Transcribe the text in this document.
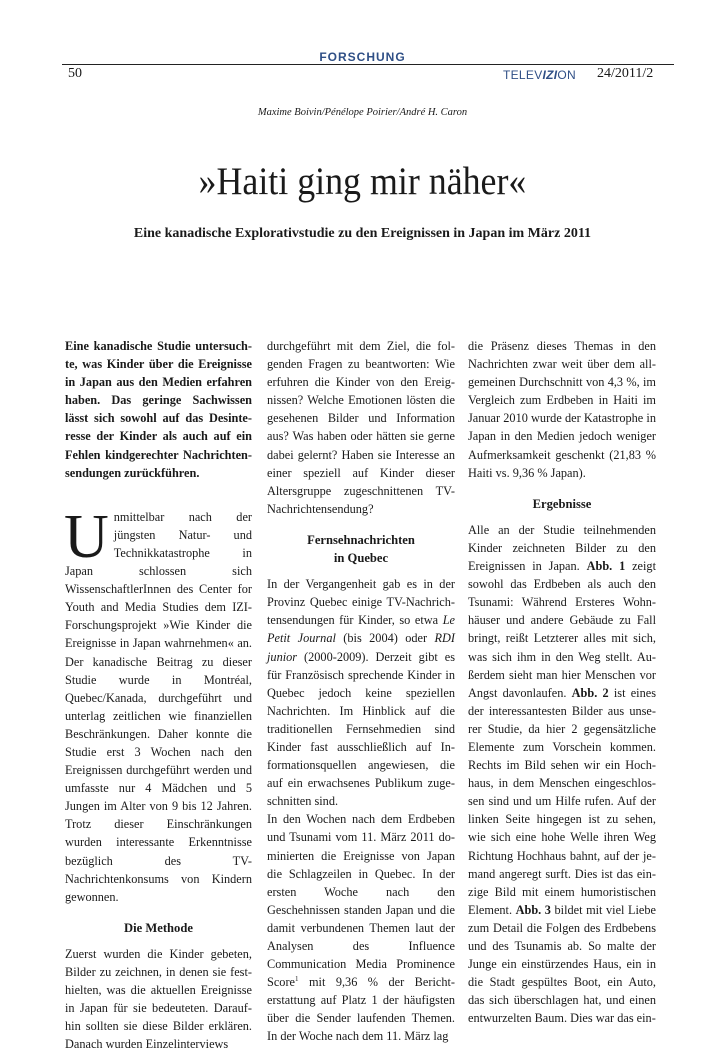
FORSCHUNG
50	TELEVIZION 24/2011/2
Maxime Boivin/Pénélope Poirier/André H. Caron
»Haiti ging mir näher«
Eine kanadische Explorativstudie zu den Ereignissen in Japan im März 2011

Eine kanadische Studie untersuchte, was Kinder über die Ereignisse in Japan aus den Medien erfahren haben. Das geringe Sachwissen lässt sich sowohl auf das Desinteresse der Kinder als auch auf ein Fehlen kindgerechter Nachrichtensendungen zurückführen.

Unmittelbar nach der jüngsten Natur- und Technikkatastrophe in Japan schlossen sich WissenschaftlerInnen des Center for Youth and Media Studies dem IZI-Forschungsprojekt »Wie Kinder die Ereignisse in Japan wahrnehmen« an. Der kanadische Beitrag zu dieser Studie wurde in Montréal, Quebec/Kanada, durchgeführt und unterlag zeitlichen wie finanziellen Beschränkungen. Daher konnte die Studie erst 3 Wochen nach den Ereignissen durchgeführt werden und umfasste nur 4 Mädchen und 5 Jungen im Alter von 9 bis 12 Jahren. Trotz dieser Einschränkungen wurden interessante Erkenntnisse bezüglich des TV-Nachrichtenkonsums von Kindern gewonnen.

Die Methode

Zuerst wurden die Kinder gebeten, Bilder zu zeichnen, in denen sie festhielten, was die aktuellen Ereignisse in Japan für sie bedeuteten. Daraufhin sollten sie diese Bilder erklären. Danach wurden Einzelinterviews

durchgeführt mit dem Ziel, die folgenden Fragen zu beantworten: Wie erfuhren die Kinder von den Ereignissen? Welche Emotionen lösten die gesehenen Bilder und Information aus? Was haben oder hätten sie gerne dabei gelernt? Haben sie Interesse an einer speziell auf Kinder dieser Altersgruppe zugeschnittenen TV-Nachrichtensendung?

Fernsehnachrichten
in Quebec

In der Vergangenheit gab es in der Provinz Quebec einige TV-Nachrichtensendungen für Kinder, so etwa Le Petit Journal (bis 2004) oder RDI junior (2000-2009). Derzeit gibt es für Französisch sprechende Kinder in Quebec jedoch keine speziellen Nachrichten. Im Hinblick auf die traditionellen Fernsehmedien sind Kinder fast ausschließlich auf Informationsquellen angewiesen, die auf ein erwachsenes Publikum zugeschnitten sind.

In den Wochen nach dem Erdbeben und Tsunami vom 11. März 2011 dominierten die Ereignisse von Japan die Schlagzeilen in Quebec. In der ersten Woche nach den Geschehnissen standen Japan und die damit verbundenen Themen laut der Analysen des Influence Communication Media Prominence Score$^1$ mit 9,36 % der Berichterstattung auf Platz 1 der häufigsten über die Sender laufenden Themen. In der Woche nach dem 11. März lag

die Präsenz dieses Themas in den Nachrichten zwar weit über dem allgemeinen Durchschnitt von 4,3 %, im Vergleich zum Erdbeben in Haiti im Januar 2010 wurde der Katastrophe in Japan in den Medien jedoch weniger Aufmerksamkeit geschenkt (21,83 % Haiti vs. 9,36 % Japan).

Ergebnisse

Alle an der Studie teilnehmenden Kinder zeichneten Bilder zu den Ereignissen in Japan. Abb. 1 zeigt sowohl das Erdbeben als auch den Tsunami: Während Ersteres Wohnhäuser und andere Gebäude zu Fall bringt, reißt Letzterer alles mit sich, was sich ihm in den Weg stellt. Außerdem sieht man hier Menschen vor Angst davonlaufen. Abb. 2 ist eines der interessantesten Bilder aus unserer Studie, da hier 2 gegensätzliche Elemente zum Vorschein kommen. Rechts im Bild sehen wir ein Hochhaus, in dem Menschen eingeschlossen sind und um Hilfe rufen. Auf der linken Seite hingegen ist zu sehen, wie sich eine hohe Welle ihren Weg Richtung Hochhaus bahnt, auf der jemand angeregt surft. Dies ist das einzige Bild mit einem humoristischen Element. Abb. 3 bildet mit viel Liebe zum Detail die Folgen des Erdbebens und des Tsunamis ab. So malte der Junge ein einstürzendes Haus, ein in die Stadt gespültes Boot, ein Auto, das sich überschlagen hat, und einen entwurzelten Baum. Dies war das ein-
